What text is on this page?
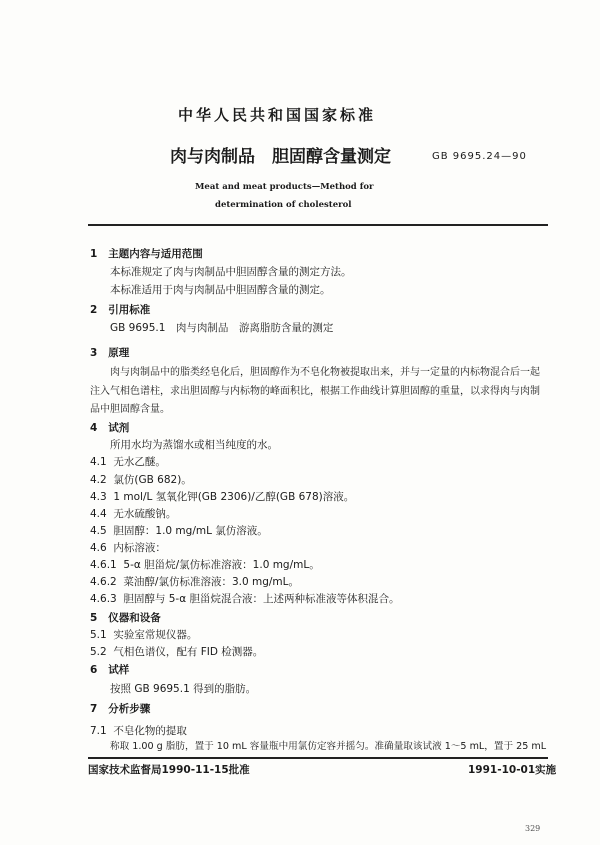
中华人民共和国国家标准
肉与肉制品　胆固醇含量测定	GB 9695.24—90
Meat and meat products—Method for
determination of cholesterol
1 主题内容与适用范围
本标准规定了肉与肉制品中胆固醇含量的测定方法。
本标准适用于肉与肉制品中胆固醇含量的测定。
2 引用标准
GB 9695.1　肉与肉制品　游离脂肪含量的测定
3 原理
肉与肉制品中的脂类经皂化后，胆固醇作为不皂化物被提取出来，并与一定量的内标物混合后一起
注入气相色谱柱，求出胆固醇与内标物的峰面积比，根据工作曲线计算胆固醇的重量，以求得肉与肉制
品中胆固醇含量。
4 试剂
所用水均为蒸馏水或相当纯度的水。
4.1 无水乙醚。
4.2 氯仿(GB 682)。
4.3 1 mol/L 氢氧化钾(GB 2306)/乙醇(GB 678)溶液。
4.4 无水硫酸钠。
4.5 胆固醇：1.0 mg/mL 氯仿溶液。
4.6 内标溶液：
4.6.1 5-α 胆甾烷/氯仿标准溶液：1.0 mg/mL。
4.6.2 菜油醇/氯仿标准溶液：3.0 mg/mL。
4.6.3 胆固醇与 5-α 胆甾烷混合液：上述两种标准液等体积混合。
5 仪器和设备
5.1 实验室常规仪器。
5.2 气相色谱仪，配有 FID 检测器。
6 试样
按照 GB 9695.1 得到的脂肪。
7 分析步骤
7.1 不皂化物的提取
称取 1.00 g 脂肪，置于 10 mL 容量瓶中用氯仿定容并摇匀。准确量取该试液 1～5 mL，置于 25 mL
国家技术监督局1990-11-15批准	1991-10-01实施
329
